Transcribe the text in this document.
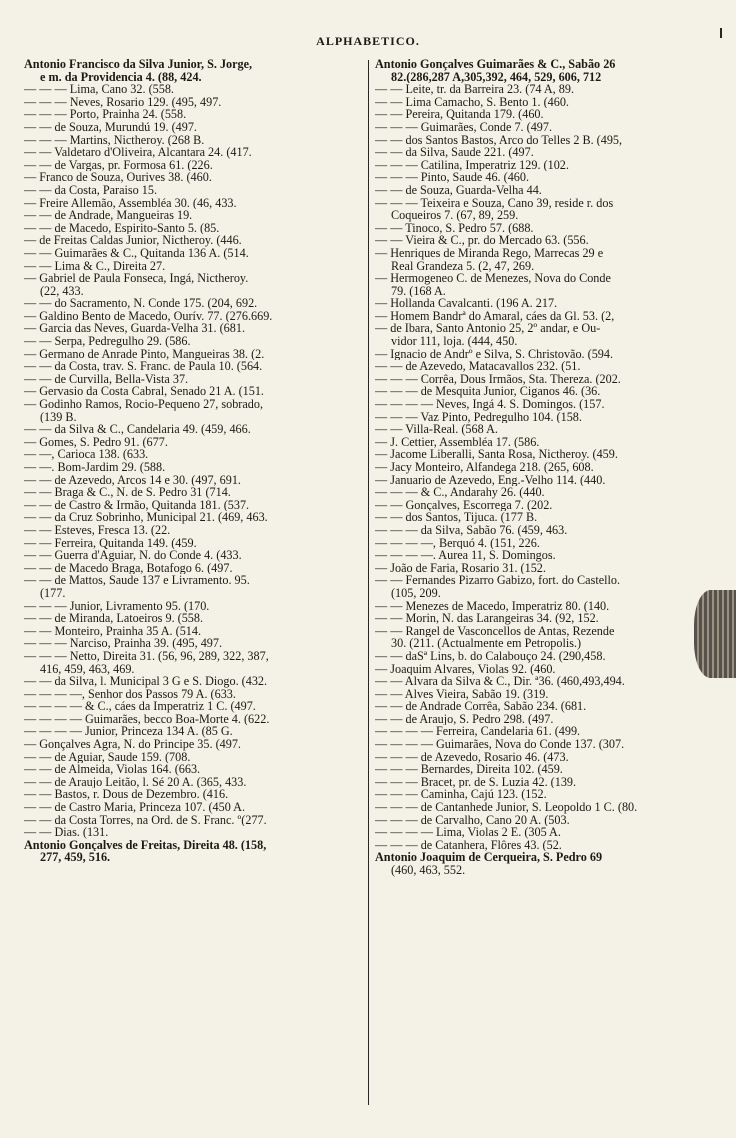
ALPHABETICO.
Antonio Francisco da Silva Junior, S. Jorge,
e m. da Providencia 4. (88, 424.
— — — Lima, Cano 32. (558.
— — — Neves, Rosario 129. (495, 497.
— — — Porto, Prainha 24. (558.
— — de Souza, Murundú 19. (497.
— — — Martins, Nictheroy. (268 B.
— — Valdetaro d'Oliveira, Alcantara 24. (417.
— — de Vargas, pr. Formosa 61. (226.
— Franco de Souza, Ourives 38. (460.
— — da Costa, Paraiso 15.
— Freire Allemão, Assembléa 30. (46, 433.
— — de Andrade, Mangueiras 19.
— — de Macedo, Espirito-Santo 5. (85.
— de Freitas Caldas Junior, Nictheroy. (446.
— — Guimarães & C., Quitanda 136 A. (514.
— — Lima & C., Direita 27.
— Gabriel de Paula Fonseca, Ingá, Nictheroy.
(22, 433.
— — do Sacramento, N. Conde 175. (204, 692.
— Galdino Bento de Macedo, Ourív. 77. (276.669.
— Garcia das Neves, Guarda-Velha 31. (681.
— — Serpa, Pedregulho 29. (586.
— Germano de Anrade Pinto, Mangueiras 38. (2.
— — da Costa, trav. S. Franc. de Paula 10. (564.
— — de Curvilla, Bella-Vista 37.
— Gervasio da Costa Cabral, Senado 21 A. (151.
— Godinho Ramos, Rocio-Pequeno 27, sobrado,
(139 B.
— — da Silva & C., Candelaria 49. (459, 466.
— Gomes, S. Pedro 91. (677.
— —, Carioca 138. (633.
— —. Bom-Jardim 29. (588.
— — de Azevedo, Arcos 14 e 30. (497, 691.
— — Braga & C., N. de S. Pedro 31 (714.
— — de Castro & Irmão, Quitanda 181. (537.
— — da Cruz Sobrinho, Municipal 21. (469, 463.
— — Esteves, Fresca 13. (22.
— — Ferreira, Quitanda 149. (459.
— — Guerra d'Aguiar, N. do Conde 4. (433.
— — de Macedo Braga, Botafogo 6. (497.
— — de Mattos, Saude 137 e Livramento. 95.
(177.
— — — Junior, Livramento 95. (170.
— — de Miranda, Latoeiros 9. (558.
— — Monteiro, Prainha 35 A. (514.
— — — Narciso, Prainha 39. (495, 497.
— — — Netto, Direita 31. (56, 96, 289, 322, 387,
416, 459, 463, 469.
— — da Silva, l. Municipal 3 G e S. Diogo. (432.
— — — —, Senhor dos Passos 79 A. (633.
— — — — & C., cáes da Imperatriz 1 C. (497.
— — — — Guimarães, becco Boa-Morte 4. (622.
— — — — Junior, Princeza 134 A. (85 G.
— Gonçalves Agra, N. do Principe 35. (497.
— — de Aguiar, Saude 159. (708.
— — de Almeida, Violas 164. (663.
— — de Araujo Leitão, l. Sé 20 A. (365, 433.
— — Bastos, r. Dous de Dezembro. (416.
— — de Castro Maria, Princeza 107. (450 A.
— — da Costa Torres, na Ord. de S. Franc. º(277.
— — Dias. (131.
Antonio Gonçalves de Freitas, Direita 48. (158,
277, 459, 516.
Antonio Gonçalves Guimarães & C., Sabão 26
82.(286,287 A,305,392, 464, 529, 606, 712
— — Leite, tr. da Barreira 23. (74 A, 89.
— — Lima Camacho, S. Bento 1. (460.
— — Pereira, Quitanda 179. (460.
— — — Guimarães, Conde 7. (497.
— — dos Santos Bastos, Arco do Telles 2 B. (495,
— — da Silva, Saude 221. (497.
— — — Catilina, Imperatriz 129. (102.
— — — Pinto, Saude 46. (460.
— — de Souza, Guarda-Velha 44.
— — — Teixeira e Souza, Cano 39, reside r. dos
Coqueiros 7. (67, 89, 259.
— — Tinoco, S. Pedro 57. (688.
— — Vieira & C., pr. do Mercado 63. (556.
— Henriques de Miranda Rego, Marrecas 29 e
Real Grandeza 5. (2, 47, 269.
— Hermogeneo C. de Menezes, Nova do Conde
79. (168 A.
— Hollanda Cavalcanti. (196 A. 217.
— Homem Bandrª do Amaral, cáes da Gl. 53. (2,
— de Ibara, Santo Antonio 25, 2º andar, e Ou-
vidor 111, loja. (444, 450.
— Ignacio de Andrº e Silva, S. Christovão. (594.
— — de Azevedo, Matacavallos 232. (51.
— — — Corrêa, Dous Irmãos, Sta. Thereza. (202.
— — — de Mesquita Junior, Ciganos 46. (36.
— — — — Neves, Ingá 4. S. Domingos. (157.
— — — Vaz Pinto, Pedregulho 104. (158.
— — Villa-Real. (568 A.
— J. Cettier, Assembléa 17. (586.
— Jacome Liberalli, Santa Rosa, Nictheroy. (459.
— Jacy Monteiro, Alfandega 218. (265, 608.
— Januario de Azevedo, Eng.-Velho 114. (440.
— — — & C., Andarahy 26. (440.
— — Gonçalves, Escorrega 7. (202.
— — dos Santos, Tijuca. (177 B.
— — — da Silva, Sabão 76. (459, 463.
— — — —, Berquó 4. (151, 226.
— — — —. Aurea 11, S. Domingos.
— João de Faria, Rosario 31. (152.
— — Fernandes Pizarro Gabizo, fort. do Castello.
(105, 209.
— — Menezes de Macedo, Imperatriz 80. (140.
— — Morin, N. das Larangeiras 34. (92, 152.
— — Rangel de Vasconcellos de Antas, Rezende
30. (211. (Actualmente em Petropolis.)
— — daSª Lins, b. do Calabouço 24. (290,458.
— Joaquim Alvares, Violas 92. (460.
— — Alvara da Silva & C., Dir. ª36. (460,493,494.
— — Alves Vieira, Sabão 19. (319.
— — de Andrade Corrêa, Sabão 234. (681.
— — de Araujo, S. Pedro 298. (497.
— — — — Ferreira, Candelaria 61. (499.
— — — — Guimarães, Nova do Conde 137. (307.
— — — de Azevedo, Rosario 46. (473.
— — — Bernardes, Direita 102. (459.
— — — Bracet, pr. de S. Luzia 42. (139.
— — — Caminha, Cajú 123. (152.
— — — de Cantanhede Junior, S. Leopoldo 1 C. (80.
— — — de Carvalho, Cano 20 A. (503.
— — — — Lima, Violas 2 E. (305 A.
— — — de Catanhera, Flôres 43. (52.
Antonio Joaquim de Cerqueira, S. Pedro 69
(460, 463, 552.
